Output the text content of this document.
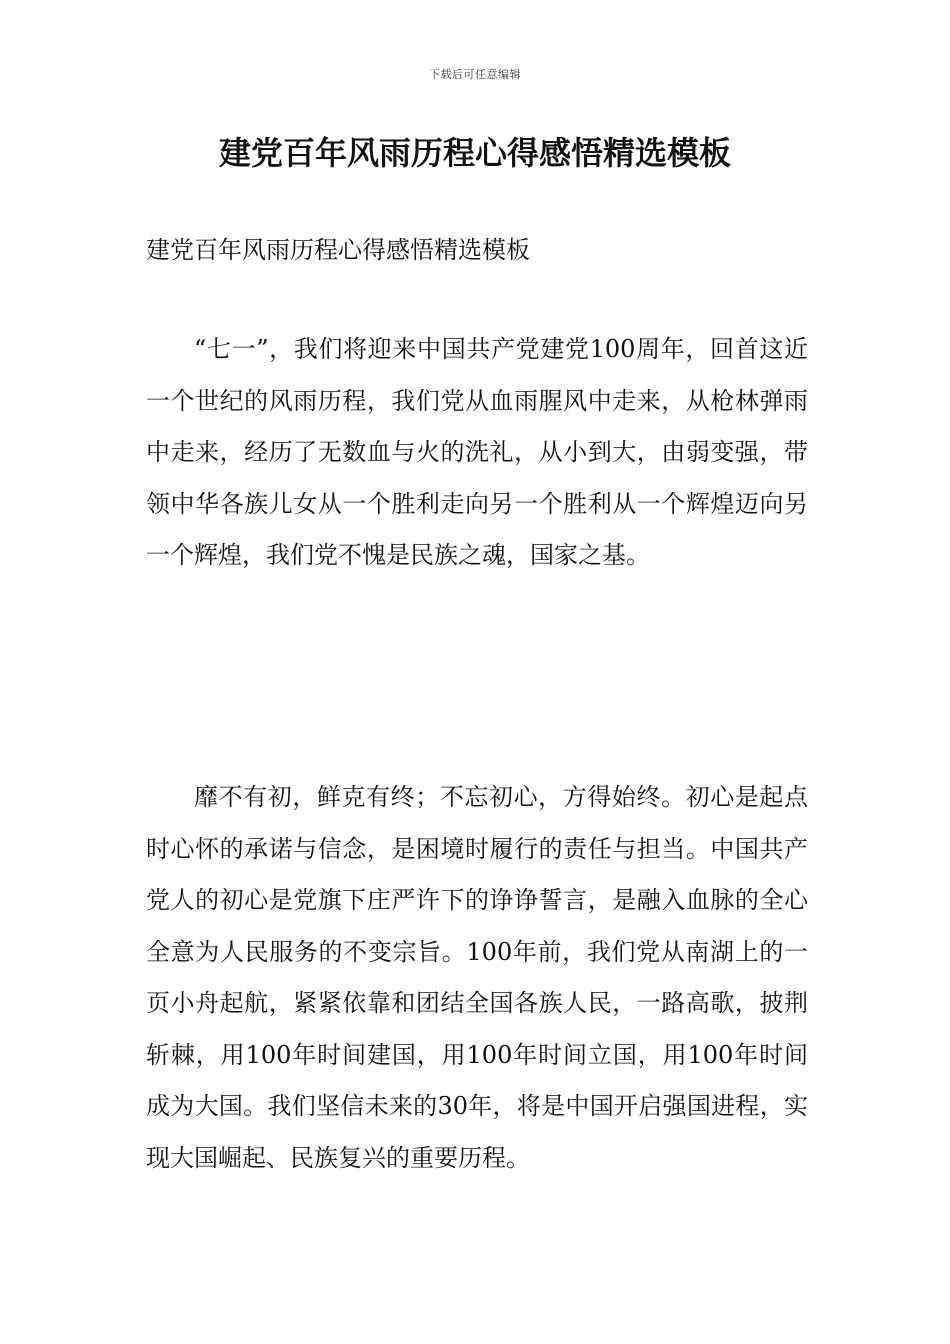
下载后可任意编辑
建党百年风雨历程心得感悟精选模板

建党百年风雨历程心得感悟精选模板

“七一”，我们将迎来中国共产党建党100周年，回首这近一个世纪的风雨历程，我们党从血雨腥风中走来，从枪林弹雨中走来，经历了无数血与火的洗礼，从小到大，由弱变强，带领中华各族儿女从一个胜利走向另一个胜利从一个辉煌迈向另一个辉煌，我们党不愧是民族之魂，国家之基。

靡不有初，鲜克有终；不忘初心，方得始终。初心是起点时心怀的承诺与信念，是困境时履行的责任与担当。中国共产党人的初心是党旗下庄严许下的诤诤誓言，是融入血脉的全心全意为人民服务的不变宗旨。100年前，我们党从南湖上的一页小舟起航，紧紧依靠和团结全国各族人民，一路高歌，披荆斩棘，用100年时间建国，用100年时间立国，用100年时间成为大国。我们坚信未来的30年，将是中国开启强国进程，实现大国崛起、民族复兴的重要历程。
